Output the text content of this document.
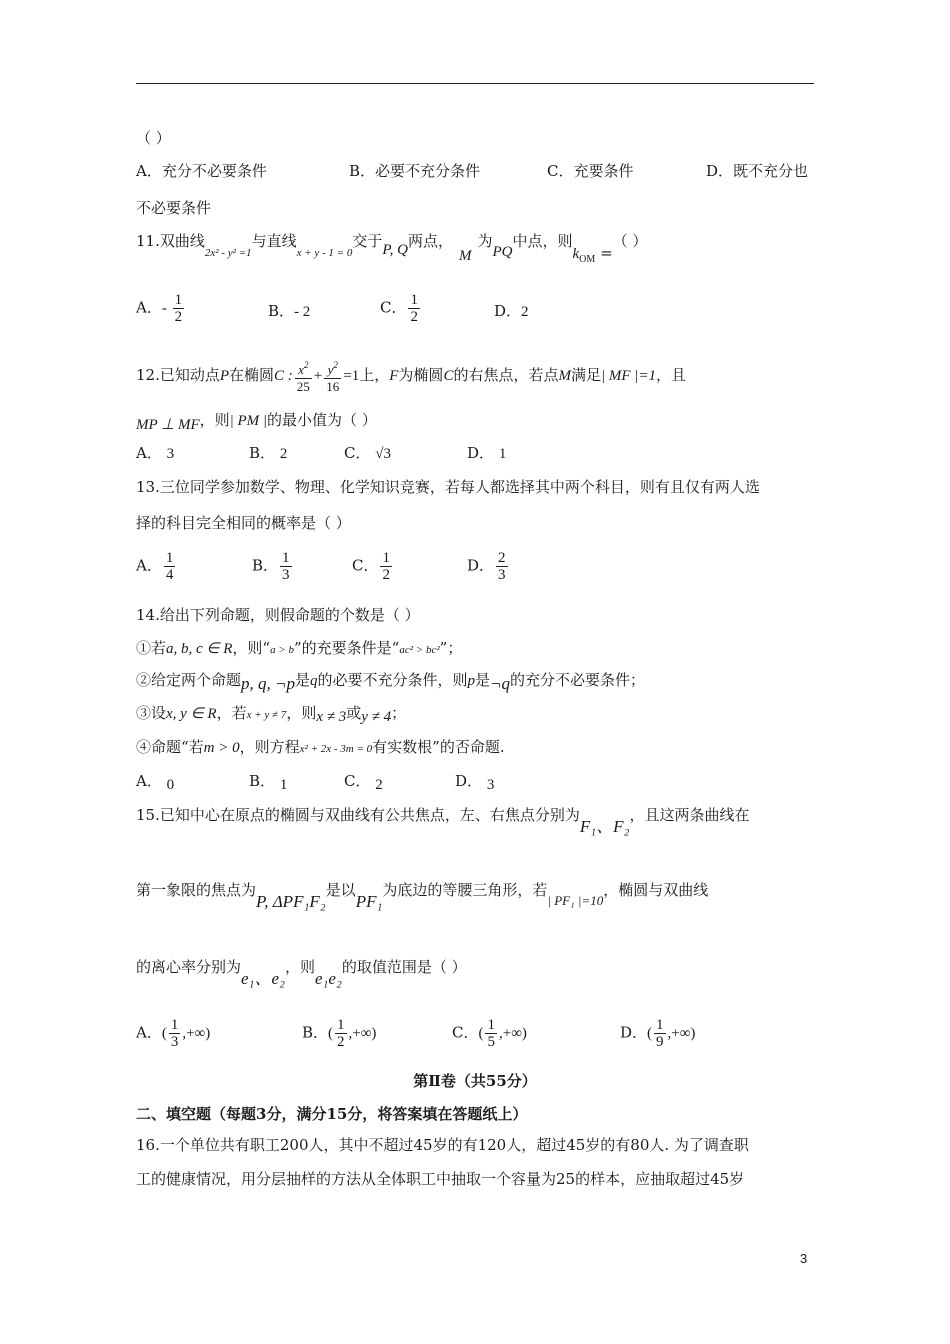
（ ）
A．充分不必要条件	B．必要不充分条件	C．充要条件	D．既不充分也
不必要条件
11.双曲线$_{2x^2 - y^2 =1}$与直线$_{x + y - 1 = 0}$交于P, Q两点，M为PQ中点，则$k_{OM}$ =（ ）
A．- $\frac{1}{2}$	B．- 2	C． $\frac{1}{2}$	D．2
12.已知动点P在椭圆C : $\frac{x^2}{25} + \frac{y^2}{16} =1$上，F为椭圆C的右焦点，若点M满足| MF |=1，且
MP ⊥ MF，则| PM |的最小值为（ ）
A． 3	B． 2	C． √3	D． 1
13.三位同学参加数学、物理、化学知识竞赛，若每人都选择其中两个科目，则有且仅有两人选
择的科目完全相同的概率是（ ）
A． $\frac{1}{4}$	B． $\frac{1}{3}$	C． $\frac{1}{2}$	D． $\frac{2}{3}$
14.给出下列命题，则假命题的个数是（ ）
①若a, b, c ∈ R，则“a > b”的充要条件是“ac² > bc²”；
②给定两个命题p, q, ¬p是q的必要不充分条件，则p是¬q的充分不必要条件；
③设x, y ∈ R，若x + y ≠ 7，则x ≠ 3或y ≠ 4；
④命题“若m > 0，则方程x² + 2x - 3m = 0有实数根”的否命题.
A． 0	B． 1	C． 2	D． 3
15.已知中心在原点的椭圆与双曲线有公共焦点，左、右焦点分别为F₁、F₂，且这两条曲线在
第一象限的焦点为P, ΔPF₁F₂是以PF₁为底边的等腰三角形，若| PF₁ |=10，椭圆与双曲线
的离心率分别为e₁、e₂，则e₁e₂的取值范围是（ ）
A．( $\frac{1}{3}$ ,+∞)	B．( $\frac{1}{2}$ ,+∞)	C．( $\frac{1}{5}$ ,+∞)	D．( $\frac{1}{9}$ ,+∞)
第Ⅱ卷（共55分）
二、填空题（每题3分，满分15分，将答案填在答题纸上）
16.一个单位共有职工200人，其中不超过45岁的有120人，超过45岁的有80人. 为了调查职
工的健康情况，用分层抽样的方法从全体职工中抽取一个容量为25的样本，应抽取超过45岁
3
